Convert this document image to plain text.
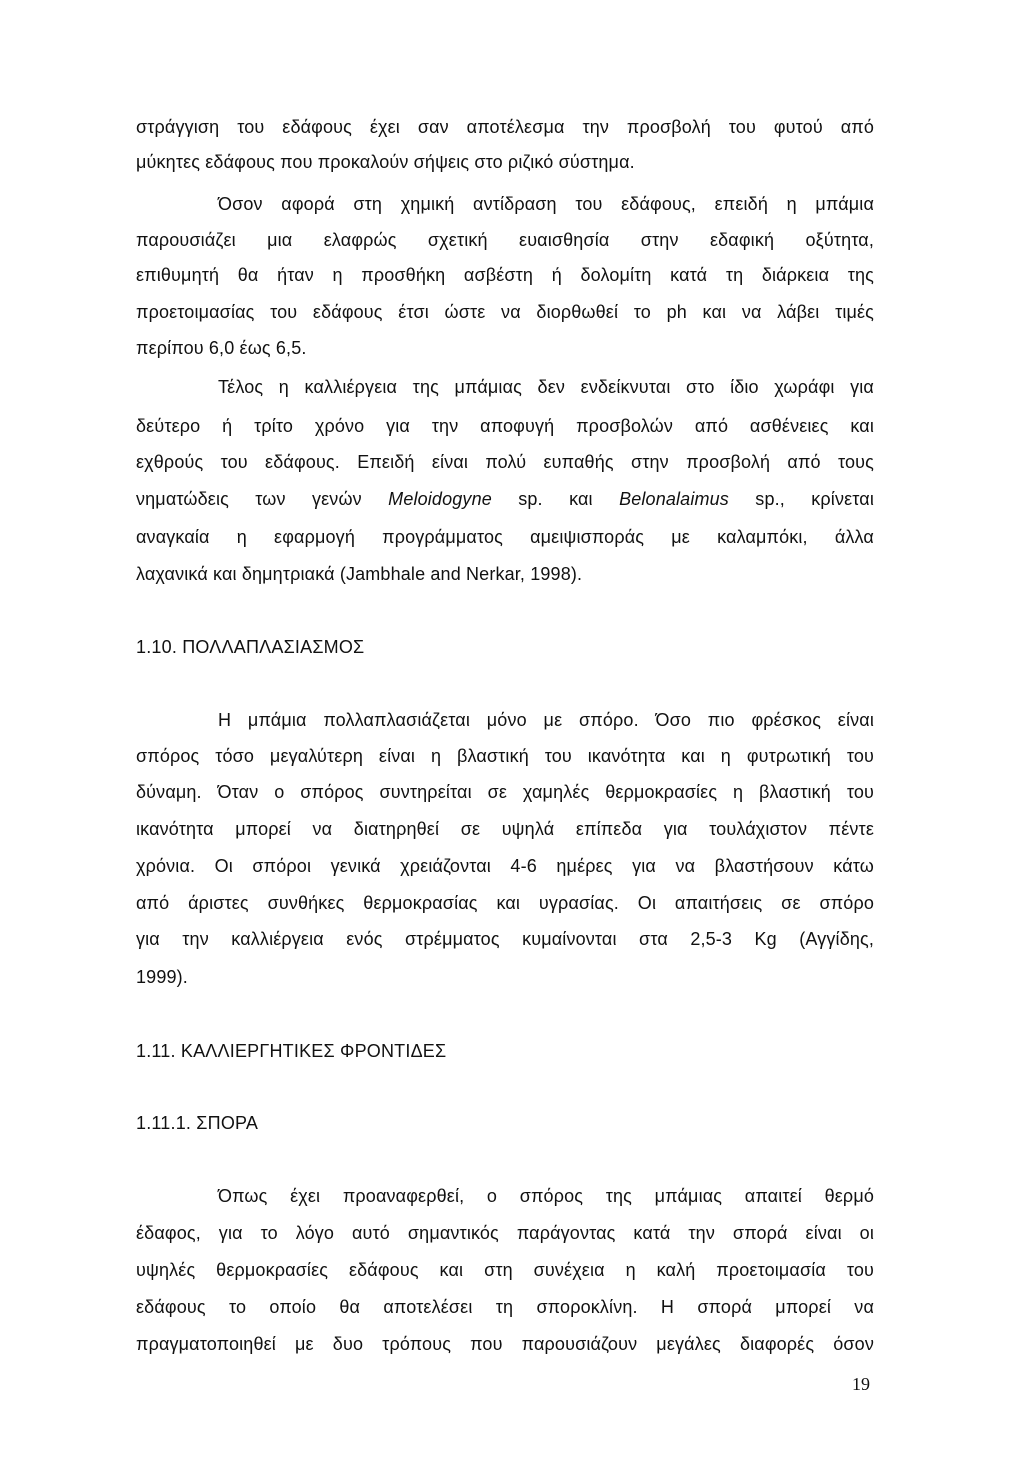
στράγγιση του εδάφους έχει σαν αποτέλεσμα την προσβολή του φυτού από
μύκητες εδάφους που προκαλούν σήψεις στο ριζικό σύστημα.
Όσον αφορά στη χημική αντίδραση του εδάφους, επειδή η μπάμια
παρουσιάζει μια ελαφρώς σχετική ευαισθησία στην εδαφική οξύτητα,
επιθυμητή θα ήταν η προσθήκη ασβέστη ή δολομίτη κατά τη διάρκεια της
προετοιμασίας του εδάφους έτσι ώστε να διορθωθεί το ph και να λάβει τιμές
περίπου 6,0 έως 6,5.
Τέλος η καλλιέργεια της μπάμιας δεν ενδείκνυται στο ίδιο χωράφι για
δεύτερο ή τρίτο χρόνο για την αποφυγή προσβολών από ασθένειες και
εχθρούς του εδάφους. Επειδή είναι πολύ ευπαθής στην προσβολή από τους
νηματώδεις των γενών Meloidogyne sp. και Belonalaimus sp., κρίνεται
αναγκαία η εφαρμογή προγράμματος αμειψισποράς με καλαμπόκι, άλλα
λαχανικά και δημητριακά (Jambhale and Nerkar, 1998).
1.10. ΠΟΛΛΑΠΛΑΣΙΑΣΜΟΣ
Η μπάμια πολλαπλασιάζεται μόνο με σπόρο. Όσο πιο φρέσκος είναι
σπόρος τόσο μεγαλύτερη είναι η βλαστική του ικανότητα και η φυτρωτική του
δύναμη. Όταν ο σπόρος συντηρείται σε χαμηλές θερμοκρασίες η βλαστική του
ικανότητα μπορεί να διατηρηθεί σε υψηλά επίπεδα για τουλάχιστον πέντε
χρόνια. Οι σπόροι γενικά χρειάζονται 4-6 ημέρες για να βλαστήσουν κάτω
από άριστες συνθήκες θερμοκρασίας και υγρασίας. Οι απαιτήσεις σε σπόρο
για την καλλιέργεια ενός στρέμματος κυμαίνονται στα 2,5-3 Kg (Αγγίδης,
1999).
1.11. ΚΑΛΛΙΕΡΓΗΤΙΚΕΣ ΦΡΟΝΤΙΔΕΣ
1.11.1. ΣΠΟΡΑ
Όπως έχει προαναφερθεί, ο σπόρος της μπάμιας απαιτεί θερμό
έδαφος, για το λόγο αυτό σημαντικός παράγοντας κατά την σπορά είναι οι
υψηλές θερμοκρασίες εδάφους και στη συνέχεια η καλή προετοιμασία του
εδάφους το οποίο θα αποτελέσει τη σποροκλίνη. Η σπορά μπορεί να
πραγματοποιηθεί με δυο τρόπους που παρουσιάζουν μεγάλες διαφορές όσον
19
